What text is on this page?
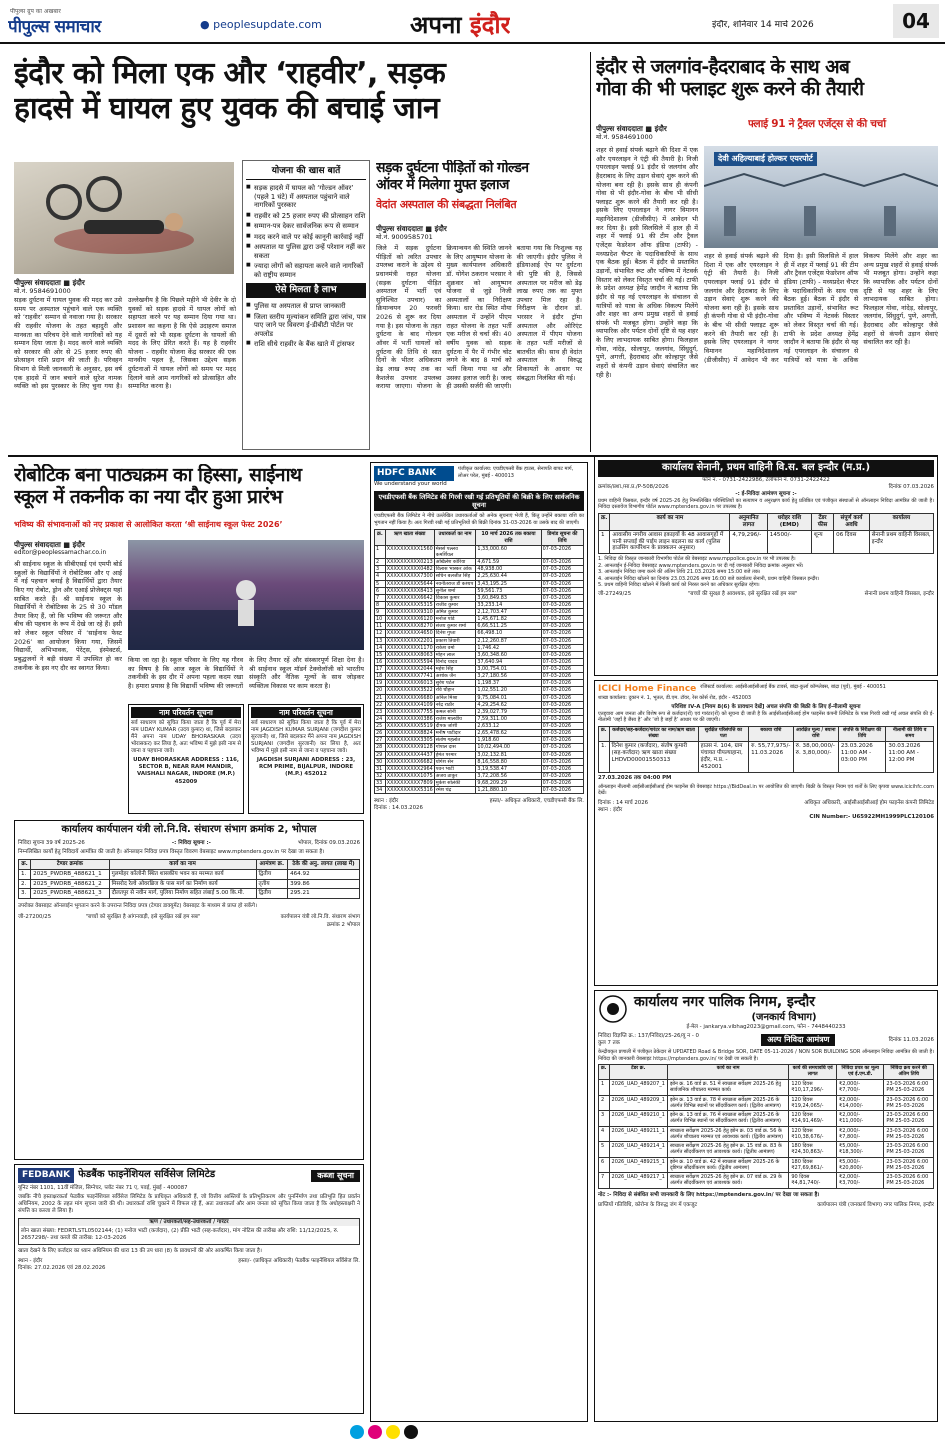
पीपुल्स ग्रुप का अखबार
पीपुल्स समाचार	● peoplesupdate.com	अपना इंदौर	इंदौर, शनिवार 14 मार्च 2026	04
इंदौर को मिला एक और ‘राहवीर’, सड़क
हादसे में घायल हुए युवक की बचाई जान
पीपुल्स संवाददाता ■ इंदौर
मो.नं. 9584691000
योजना की खास बातें
■ सड़क हादसे में घायल को ‘गोल्डन ऑवर’ (पहले 1 घंटे) में अस्पताल पहुंचाने वाले नागरिकों पुरस्कार
■ राहवीर को 25 हजार रुपए की प्रोत्साहन राशि
■ सम्मान-पत्र देकर सार्वजनिक रूप से सम्मान
■ मदद करने वाले पर कोई कानूनी कार्रवाई नहीं
■ अस्पताल या पुलिस द्वारा उन्हें परेशान नहीं कर सकता
■ ज्यादा लोगों को सहायता करने वाले नागरिकों को राष्ट्रीय सम्मान
ऐसे मिलता है लाभ
■ पुलिस या अस्पताल से प्राप्त जानकारी
■ जिला स्तरीय मूल्यांकन समिति द्वारा जांच, पात्र पाए जाने पर विवरण ई-डीबीटी पोर्टल पर अपलोड
■ राशि सीधे राहवीर के बैंक खाते में ट्रांसफर
सड़क दुर्घटना में घायल युवक की मदद कर उसे समय पर अस्पताल पहुंचाने वाले एक व्यक्ति को ‘राहवीर’ सम्मान से नवाजा गया है। सरकार की राहवीर योजना के तहत बहादुरी और मानवता का परिचय देने वाले नागरिकों को यह सम्मान दिया जाता है। मदद करने वाले व्यक्ति को सरकार की ओर से 25 हजार रुपए की प्रोत्साहन राशि प्रदान की जाती है। परिवहन विभाग से मिली जानकारी के अनुसार, इस वर्ष एक हादसे में जान बचाने वाले सुरेश नामक व्यक्ति को इस पुरस्कार के लिए चुना गया है। उल्लेखनीय है कि पिछले महीने भी देवीर के दो युवकों को सड़क हादसे में घायल लोगों को सहायता करने पर यह सम्मान दिया गया था। प्रशासन का कहना है कि ऐसे उदाहरण समाज में दूसरों को भी सड़क दुर्घटना के घायलों की मदद के लिए प्रेरित करते हैं। यह है राहवीर योजना - राहवीर योजना केंद्र सरकार की एक मानवीय पहल है, जिसका उद्देश्य सड़क दुर्घटनाओं में घायल लोगों को समय पर मदद दिलाने वाले आम नागरिकों को प्रोत्साहित और सम्मानित करना है।
सड़क दुर्घटना पीड़ितों को गोल्डन
ऑवर में मिलेगा मुफ्त इलाज
वेदांत अस्पताल की संबद्धता निलंबित
पीपुल्स संवाददाता ■ इंदौर
मो.नं. 9009585701
जिले में सड़क दुर्घटना पीड़ितों को त्वरित उपचार उपलब्ध कराने के उद्देश्य से प्रधानमंत्री राहत योजना (सड़क दुर्घटना पीड़ित अस्पताल में भर्ती एवं सुनिश्चित उपचार) का क्रियान्वयन 20 फरवरी 2026 से शुरू कर दिया गया है। इस योजना के तहत दुर्घटना के बाद गोल्डन ऑवर में भर्ती घायलों को दुर्घटना की तिथि से सात दिनों के भीतर अधिकतम डेढ़ लाख रुपए तक का कैशलेस उपचार उपलब्ध कराया जाएगा। योजना के क्रियान्वयन की स्थिति जानने के लिए आयुष्मान योजना के मुख्य कार्यपालन अधिकारी डॉ. योगेश ठकरान भरसार ने शुक्रवार को आयुष्मान योजना से जुड़े निजी अस्पतालों का निरीक्षण किया। धार रोड स्थित मौया अस्पताल में उन्होंने पीएम राहत योजना के तहत भर्ती एक मरीज से चर्चा की। 40 वर्षीय युवक को सड़क दुर्घटना में पैर में गंभीर चोट लगने के बाद 8 मार्च को भर्ती किया गया था और उसका इलाज जारी है। जल्द ही उसकी सर्जरी की जाएगी। बताया गया कि निःशुल्क यह की जाएगी। इंदौर पुलिस ने इंडियाआई ऐप पर दुर्घटना की पुष्टि की है, जिससे अस्पताल पर मरीज को डेढ़ लाख रुपए तक का मुफ्त उपचार मिल रहा है। निरीक्षण के दौरान डॉ. भरसार ने इंदौर ट्रॉमा अस्पताल और ओरिएंट अस्पताल में पीएम योजना के तहत भर्ती मरीजों से बातचीत की। साथ ही वेदांत अस्पताल के विरुद्ध शिकायतों के आधार पर संबद्धता निलंबित की गई।
इंदौर से जलगांव-हैदराबाद के साथ अब
गोवा की भी फ्लाइट शुरू करने की तैयारी
पीपुल्स संवाददाता ■ इंदौर
मो.नं. 9584691000
फ्लाई 91 ने ट्रैवल एजेंट्स से की चर्चा
देवी अहिल्याबाई होल्कर एयरपोर्ट
शहर से हवाई संपर्क बढ़ाने की दिशा में एक और एयरलाइन ने एंट्री की तैयारी है। निजी एयरलाइन फ्लाई 91 इंदौर से जलगांव और हैदराबाद के लिए उड़ान सेवाएं शुरू करने की योजना बना रही है। इसके साथ ही कंपनी गोवा से भी इंदौर-गोवा के बीच भी सीधी फ्लाइट शुरू करने की तैयारी कर रही है। इसके लिए एयरलाइन ने नागर विमानन महानिदेशालय (डीजीसीए) में आवेदन भी कर दिया है। इसी सिलसिले में हाल ही में शहर में फ्लाई 91 की टीम और ट्रैवल एजेंट्स फेडरेशन ऑफ इंडिया (टाफी) - मध्यप्रदेश चैप्टर के पदाधिकारियों के साथ एक बैठक हुई। बैठक में इंदौर से प्रस्तावित उड़ानों, संभावित रूट और भविष्य में नेटवर्क विस्तार को लेकर विस्तृत चर्चा की गई। टाफी के प्रदेश अध्यक्ष हेमेंद्र जादौन ने बताया कि इंदौर से यह नई एयरलाइन के संचालन से यात्रियों को यात्रा के अधिक विकल्प मिलेंगे और शहर का अन्य प्रमुख शहरों से हवाई संपर्क भी मजबूत होगा। उन्होंने कहा कि व्यापारिक और पर्यटन दोनों दृष्टि से यह शहर के लिए लाभदायक साबित होगा। फिलहाल गोवा, नांदेड़, सोलापुर, जलगांव, सिंधुदुर्ग, पुणे, अगत्ती, हैदराबाद और कोल्हापुर जैसे शहरों से कंपनी उड़ान सेवाएं संचालित कर रही है।
शहर से हवाई संपर्क बढ़ाने की दिशा में एक और एयरलाइन ने एंट्री की तैयारी है। निजी एयरलाइन फ्लाई 91 इंदौर से जलगांव और हैदराबाद के लिए उड़ान सेवाएं शुरू करने की योजना बना रही है। इसके साथ ही कंपनी गोवा से भी इंदौर-गोवा के बीच भी सीधी फ्लाइट शुरू करने की तैयारी कर रही है। इसके लिए एयरलाइन ने नागर विमानन महानिदेशालय (डीजीसीए) में आवेदन भी कर दिया है। इसी सिलसिले में हाल ही में शहर में फ्लाई 91 की टीम और ट्रैवल एजेंट्स फेडरेशन ऑफ इंडिया (टाफी) - मध्यप्रदेश चैप्टर के पदाधिकारियों के साथ एक बैठक हुई। बैठक में इंदौर से प्रस्तावित उड़ानों, संभावित रूट और भविष्य में नेटवर्क विस्तार को लेकर विस्तृत चर्चा की गई। टाफी के प्रदेश अध्यक्ष हेमेंद्र जादौन ने बताया कि इंदौर से यह नई एयरलाइन के संचालन से यात्रियों को यात्रा के अधिक विकल्प मिलेंगे और शहर का अन्य प्रमुख शहरों से हवाई संपर्क भी मजबूत होगा। उन्होंने कहा कि व्यापारिक और पर्यटन दोनों दृष्टि से यह शहर के लिए लाभदायक साबित होगा। फिलहाल गोवा, नांदेड़, सोलापुर, जलगांव, सिंधुदुर्ग, पुणे, अगत्ती, हैदराबाद और कोल्हापुर जैसे शहरों से कंपनी उड़ान सेवाएं संचालित कर रही है।
रोबोटिक बना पाठ्यक्रम का हिस्सा, साईनाथ
स्कूल में तकनीक का नया दौर हुआ प्रारंभ
भविष्य की संभावनाओं को नए प्रकाश से आलोकित करता ‘श्री साईनाथ स्कूल फेस्ट 2026’
पीपुल्स संवाददाता ■ इंदौर
editor@peoplessamachar.co.in
श्री साईनाथ स्कूल के सीबीएसई एवं एमपी बोर्ड स्कूलों के विद्यार्थियों ने रोबोटिक्स और ए आई में नई पहचान बनाई है विद्यार्थियों द्वारा तैयार किए गए रोबोट, ड्रोन और एआई प्रोजेक्ट्स यहां साबित करते हैं। श्री साईनाथ स्कूल के विद्यार्थियों ने रोबोटिक्स के 25 से 30 मॉडल तैयार किए हैं, जो कि भविष्य की जरूरत और बीच की पहचान के रूप में देखे जा रहे हैं। इसी को लेकर स्कूल परिसर में ‘साईनाथ फेस्ट 2026’ का आयोजन किया गया, जिसमें विद्यार्थी, अभिभावक, पेरेंट्स, इंस्पेक्टर्स, प्रबुद्धजनों ने बड़ी संख्या में उपस्थित हो कर तकनीक के इस नए दौर का स्वागत किया।
किया जा रहा है। स्कूल परिवार के लिए यह गौरव का विषय है कि आज स्कूल के विद्यार्थियों ने तकनीकी के इस दौर में अपना पहला कदम रखा है। हमारा प्रयास है कि विद्यार्थी भविष्य की जरूरतों के लिए तैयार रहें और संस्कारपूर्ण शिक्षा देना है। श्री साईनाथ स्कूल मॉडर्न टेक्नोलॉजी को भारतीय संस्कृति और नैतिक मूल्यों के साथ जोड़कर व्यक्तित्व विकास पर काम करता है।
नाम परिवर्तन सूचना
सर्व साधारण को सूचित किया जाता है कि पूर्व में मेरा नाम UDAY KUMAR (उदय कुमार) था, जिसे बदलकर मैंने अपना नाम UDAY BHORASKAR (उदय भोरासकर) कर लिया है, अतः भविष्य में मुझे इसी नाम से जाना व पहचाना जावे।
UDAY BHORASKAR ADDRESS : 116, SECTOR B, NEAR RAM MANDIR, VAISHALI NAGAR, INDORE (M.P.) 452009
नाम परिवर्तन सूचना
सर्व साधारण को सूचित किया जाता है कि पूर्व में मेरा नाम JAGDISH KUMAR SURJANI (जगदीश कुमार सुरजानी) था, जिसे बदलकर मैंने अपना नाम JAGDISH SURJANI (जगदीश सुरजानी) कर लिया है, अतः भविष्य में मुझे इसी नाम से जाना व पहचाना जावे।
JAGDISH SURJANI ADDRESS : 23, RCM PRIME, BIJALPUR, INDORE (M.P.) 452012
कार्यालय कार्यपालन यंत्री लो.नि.वि. संधारण संभाग क्रमांक 2, भोपाल
निविदा सूचना 39 वर्ष 2025-26	-: निविदा सूचना :-	भोपाल, दिनांक 09.03.2026
निम्नलिखित कार्यों हेतु निविदायें आमंत्रित की जाती है। ऑनलाइन निविदा प्रपत्र विस्तृत विवरण वेबसाइट www.mptenders.gov.in पर देखा जा सकता है।
क्र.	टेण्डर क्रमांक	कार्य का नाम	आमंत्रण क्र.	ठेके की अनु. लागत (लाख में)
1.	2025_PWDRB_488621_1	गुलमोहर कॉलोनी स्थित शासकीय भवन का मरम्मत कार्य	द्वितीय	464.92
2.	2025_PWDRB_488621_2	मिसरोद रेल्वे ओवरब्रिज के पास मार्ग का निर्माण कार्य	तृतीय	399.86
3.	2025_PWDRB_488621_3	दौलतपुर से नवीन मार्ग, पुलिया निर्माण सहित लंबाई 5.00 कि.मी.	द्वितीय	295.21
उपरोक्त वेबसाइट ऑनलाईन भुगतान करने के उपरान्त निविदा प्रपत्र (टेण्डर डाक्यूमेंट) वेबसाइट के माध्यम से प्राप्त हो सकेंगे।
जी-27200/25	"बच्चों को सुरक्षित है आंगनवाड़ी, इसे सुरक्षित रखें हम सब"	कार्यपालन यंत्री लो.नि.वि. संधारण संभाग क्रमांक 2 भोपाल
FEDBANK फेडबैंक फाइनेंशियल सर्विसेज लिमिटेड	कब्जा सूचना
यूनिट नंबर 1101, 11वीं मंजिल, सिग्नेचर, प्लॉट नंबर 71 ए, पवई, मुंबई - 400087
जबकि नीचे हस्ताक्षरकर्ता फेडबैंक फाइनेंशियल सर्विसेज लिमिटेड के प्राधिकृत अधिकारी हैं, जो वित्तीय आस्तियों के प्रतिभूतिकरण और पुनर्निर्माण तथा प्रतिभूति हित प्रवर्तन अधिनियम, 2002 के तहत मांग सूचना जारी की थी। उधारकर्ता राशि चुकाने में विफल रहे हैं, अतः उधारकर्ता और आम जनता को सूचित किया जाता है कि अधोहस्ताक्षरी ने संपत्ति का कब्जा ले लिया है।
ऋण / उधारकर्ता/सह-उधारकर्ता / गारंटर
लोन खाता संख्या: FEDRTLSTL0502144; (1) मनोज भाटी (कर्जदार), (2) प्रीति भाटी (सह-कर्जदार), मांग नोटिस की तारीख और राशि: 11/12/2025, रु. 2657298/- तथा कब्जे की तारीख: 12-03-2026
खाता देखने के लिए कर्जदार का ध्यान अधिनियम की धारा 13 की उप धारा (8) के प्रावधानों की ओर आकर्षित किया जाता है।
स्थान - इंदौर
दिनांक: 27.02.2026 एवं 28.02.2026
हस्ता/- (प्राधिकृत अधिकारी) फेडबैंक फाइनेंशियल सर्विसेज लि.
HDFC BANK
We understand your world
पंजीकृत कार्यालय: एचडीएफसी बैंक हाउस, सेनापति बापट मार्ग, लोअर परेल, मुंबई - 400013
एचडीएफसी बैंक लिमिटेड की गिरवी रखी गई प्रतिभूतियों की बिक्री के लिए सार्वजनिक सूचना
एचडीएफसी बैंक लिमिटेड ने नीचे उल्लेखित उधारकर्ताओं को अनेक सूचनाएं भेजी हैं, किंतु उन्होंने बकाया राशि का भुगतान नहीं किया है। अतः गिरवी रखी गई प्रतिभूतियों की बिक्री दिनांक 31-03-2026 या उसके बाद की जाएगी।
क्र.	ऋण खाता संख्या	उधारकर्ता का नाम	10 मार्च 2026 तक बकाया राशि	डिमांड सूचना की तिथि
1	XXXXXXXXXX1560	मेसर्स पल्लव कमर्शियल	1,33,000.60	07-03-2026
2	XXXXXXXXXX0213	अखिलेश कोरिया	4,671.59	07-03-2026
3	XXXXXXXXXX0482	विलास भास्कर ओक	48,938.00	07-03-2026
4	XXXXXXXXXX7300	सचिन बलजीत सिंह	2,25,630.44	07-03-2026
5	XXXXXXXXXX5644	नवनीतराज डी कश्यप	3,43,195.25	07-03-2026
6	XXXXXXXXXX8413	सुनील शर्मा	59,561.73	07-03-2026
7	XXXXXXXXXX6642	विकास कुमार	3,60,849.83	07-03-2026
8	XXXXXXXXXX5315	राजीव कुमार	33,233.14	07-03-2026
9	XXXXXXXXXX9310	अमित कुमार	2,12,703.47	07-03-2026
10	XXXXXXXXXX6120	मनोज पांडे	1,45,671.82	07-03-2026
11	XXXXXXXXXX8270	संजय कुमार शर्मा	6,66,511.25	07-03-2026
12	XXXXXXXXXX4650	दिनेश गुप्ता	66,498.10	07-03-2026
13	XXXXXXXXXX2201	प्रकाश तिवारी	2,12,260.87	07-03-2026
14	XXXXXXXXXX1170	राकेश वर्मा	1,746.42	07-03-2026
15	XXXXXXXXXX8063	मोहन लाल	3,60,348.60	07-03-2026
16	XXXXXXXXXX5594	विनोद यादव	37,640.94	07-03-2026
17	XXXXXXXXXX2044	महेश सिंह	3,00,754.01	07-03-2026
18	XXXXXXXXXX7741	अशोक जैन	3,27,180.56	07-03-2026
19	XXXXXXXXXX6013	सुरेश पटेल	1,198.37	07-03-2026
20	XXXXXXXXXX3522	रवि चौहान	1,02,551.20	07-03-2026
21	XXXXXXXXXX6680	अनिल मिश्रा	9,75,084.01	07-03-2026
22	XXXXXXXXXX4109	नरेंद्र राठौर	4,29,254.62	07-03-2026
23	XXXXXXXXXX7755	कमल सोनी	2,39,027.79	07-03-2026
24	XXXXXXXXXX0386	राजेश मालवीय	7,59,311.00	07-03-2026
25	XXXXXXXXXX5519	दीपक जोशी	2,633.12	07-03-2026
26	XXXXXXXXXX8824	मनीष पाटीदार	2,65,478.62	07-03-2026
27	XXXXXXXXXX3305	संतोष गहलोत	1,918.60	07-03-2026
28	XXXXXXXXXX9128	गोपाल दास	10,02,494.00	07-03-2026
29	XXXXXXXXXX4437	हेमंत परमार	3,02,132.81	07-03-2026
30	XXXXXXXXXX6682	योगेश सेन	8,16,558.80	07-03-2026
31	XXXXXXXXXX2964	पवन भाटी	3,19,538.47	07-03-2026
32	XXXXXXXXXX1075	अजय ठाकुर	3,72,208.56	07-03-2026
33	XXXXXXXXXX7809	मुकेश सोलंकी	9,68,209.29	07-03-2026
34	XXXXXXXXXX5316	रमेश चंद्र	1,21,880.10	07-03-2026
स्थान : इंदौर
दिनांक : 14.03.2026
हस्ता/- अधिकृत अधिकारी, एचडीएफसी बैंक लि.
कार्यालय सेनानी, प्रथम वाहिनी वि.स. बल इन्दौर (म.प्र.)
फोन न. - 0731-2422986, टेलीफोन न. 0731-2422422
क्रमांक/प्रशा./सा.प्र./P-508/2026	दिनांक 07.03.2026
-: ई-निविदा आमंत्रण सूचना :-
प्रथम वाहिनी विसबल, इन्दौर वर्ष 2025-26 हेतु निम्नलिखित परिस्थितियों का सत्यापन व अनुरक्षण कार्य हेतु प्रतिष्ठित एवं पंजीकृत संस्थाओं से ऑनलाइन निविदा आमंत्रित की जाती है। निविदा दस्तावेज विभागीय पोर्टल www.mptenders.gov.in पर उपलब्ध है।
क्र.	कार्य का नाम	अनुमानित लागत	धरोहर राशि (EMD)	टेंडर फीस	संपूर्ण कार्य अवधि	कार्यालय
1	आवासीय नगरीय आवास इकाइयों के 48 आवासगृहों में पानी सप्लाई की पाईप लाइन बदलना का कार्य (पुलिस हाउसिंग कार्पोरेशन के प्राक्कलन अनुसार)	4,79,296/-	14500/-	शून्य	06 दिवस	सेनानी प्रथम वाहिनी विसबल, इन्दौर
1. निविदा की विस्तृत जानकारी विभागीय पोर्टल की वेबसाइट www.mppolice.gov.in पर भी उपलब्ध है।
2. आनलाईन ई-निविदा वेबसाइट www.mptenders.gov.in पर दी गई जानकारी निविदा क्रमांक अनुसार भरें।
3. आनलाईन निविदा जमा करने की अंतिम तिथि 21.03.2026 समय 15:00 बजे तक।
4. आनलाईन निविदा खोलने का दिनांक 23.03.2026 समय 16:00 बजे कार्यालय सेनानी, प्रथम वाहिनी विसबल इन्दौर।
5. प्रथम वाहिनी निविदा खोलने में किसी कार्य को निरस्त करने का अधिकार सुरक्षित रहेगा।
जी-27249/25	"बच्चों की सुरक्षा है आवश्यक, इसे सुरक्षित रखें हम सब"	सेनानी प्रथम वाहिनी विसबल, इन्दौर
ICICI Home Finance रजिस्टर्ड कार्यालय: आईसीआईसीआई बैंक टावर्स, बांद्रा-कुर्ला कॉम्प्लेक्स, बांद्रा (पूर्व), मुंबई - 400051
शाखा कार्यालय: दुकान नं. 1, भूतल, डी.एम. टॉवर, रेस कोर्स रोड, इंदौर - 452003
परिशिष्ट IV-A [नियम 8(6) के प्रावधान देखें] अचल संपत्ति की बिक्री के लिए ई-नीलामी सूचना
एतद्द्वारा आम जनता और विशेष रूप से कर्जदार(रों) एवं गारंटर(रों) को सूचना दी जाती है कि आईसीआईसीआई होम फाइनेंस कंपनी लिमिटेड के पास गिरवी रखी गई अचल संपत्ति की ई-नीलामी ‘जहाँ है जैसा है’ और ‘जो है जहाँ है’ आधार पर की जाएगी।
क्र.	कर्जदार/सह-कर्जदार/गारंटर का नाम/ऋण खाता संख्या	सुरक्षित परिसंपत्ति का पता	बकाया राशि	आरक्षित मूल्य / बयाना राशि	संपत्ति के निरीक्षण की तिथि	नीलामी की तिथि व समय
1.	दिनेश कुमार (कर्जदार), संतोष कुमारी (सह-कर्जदार) ऋण खाता संख्या LHDVD00001550313	हाउस नं. 104, ग्राम पंचायत पीपल्याहाना, इंदौर, म.प्र. - 452001	रु. 55,77,975/- 11.03.2026	रु. 38,00,000/- रु. 3,80,000/-	23.03.2026 11:00 AM - 03:00 PM	30.03.2026 11:00 AM - 12:00 PM
27.03.2026 तक 04:00 PM
ऑनलाइन नीलामी आईसीआईसीआई होम फाइनेंस की वेबसाइट https://BidDeal.in पर आयोजित की जाएगी। बिक्री के विस्तृत नियम एवं शर्तों के लिए कृपया www.icicihfc.com देखें।
दिनांक : 14 मार्च 2026
स्थान : इंदौर
अधिकृत अधिकारी, आईसीआईसीआई होम फाइनेंस कंपनी लिमिटेड
CIN Number:- U65922MH1999PLC120106
कार्यालय नगर पालिक निगम, इन्दौर
(जनकार्य विभाग)
ई-मेल - jankarya.vibhag2023@gmail.com, फोन - 7448440233
निविदा विज्ञप्ति क्र.: 137/निविदा/25-26/यू न - 0 कुल 7 तक	अल्प निविदा आमंत्रण	दिनांक 11.03.2026
केन्द्रीयकृत प्रणाली में पंजीकृत ठेकेदार से UPDATED Road & Bridge SOR, DATE 05-11-2026 / NON SOR BUILDING SOR ऑनलाइन निविदा आमंत्रित की जाती है। निविदा की जानकारी वेबसाइट https://mptenders.gov.in/ पर देखी जा सकती है।
क्र.	टेंडर क्र.	कार्य का नाम	कार्य की समयावधि एवं लागत	निविदा प्रपत्र का मूल्य एवं ई.एम.डी.	निविदा क्रय करने की अंतिम तिथि
1	2026_UAD_489207_1	झोन क्र. 16 वार्ड क्र. 51 में स्वच्छता सर्वेक्षण 2025-26 हेतु सार्वजनिक शौचालय मरम्मत कार्य।	120 दिवस ₹10,17,296/-	₹2,000/- ₹7,700/-	23-03-2026 6:00 PM 25-03-2026
2	2026_UAD_489209_1	झोन क्र. 13 वार्ड क्र. 78 में स्वच्छता सर्वेक्षण 2025-26 के अंतर्गत विभिन्न स्थानों पर सौंदर्यीकरण कार्य। (द्वितीय आमंत्रण)	120 दिवस ₹19,24,065/-	₹2,000/- ₹14,000/-	23-03-2026 6:00 PM 25-03-2026
3	2026_UAD_489210_1	झोन क्र. 13 वार्ड क्र. 76 में स्वच्छता सर्वेक्षण 2025-26 के अंतर्गत विभिन्न स्थानों पर सौंदर्यीकरण कार्य। (द्वितीय आमंत्रण)	120 दिवस ₹14,91,469/-	₹2,000/- ₹11,000/-	23-03-2026 6:00 PM 25-03-2026
4	2026_UAD_489211_1	स्वच्छता सर्वेक्षण 2025-26 हेतु झोन क्र. 03 वार्ड क्र. 56 के अंतर्गत शौचालय मरम्मत एवं आवश्यक कार्य। (द्वितीय आमंत्रण)	120 दिवस ₹10,38,676/-	₹2,000/- ₹7,800/-	23-03-2026 6:00 PM 25-03-2026
5	2026_UAD_489214_1	स्वच्छता सर्वेक्षण 2025-26 हेतु झोन क्र. 15 वार्ड क्र. 83 के अंतर्गत सौंदर्यीकरण एवं आवश्यक कार्य। (द्वितीय आमंत्रण)	180 दिवस ₹24,30,863/-	₹5,000/- ₹18,300/-	23-03-2026 6:00 PM 25-03-2026
6	2026_UAD_489215_1	झोन क्र. 10 वार्ड क्र. 42 में स्वच्छता सर्वेक्षण 2025-26 के दृष्टिगत सौंदर्यीकरण कार्य। (द्वितीय आमंत्रण)	180 दिवस ₹27,69,861/-	₹5,000/- ₹20,800/-	23-03-2026 6:00 PM 25-03-2026
7	2026_UAD_489217_1	स्वच्छता सर्वेक्षण 2025-26 हेतु झोन क्र. 07 वार्ड क्र. 29 के अंतर्गत सौंदर्यीकरण एवं आवश्यक कार्य।	90 दिवस ₹4,81,740/-	₹2,000/- ₹3,700/-	23-03-2026 6:00 PM 25-03-2026
नोट :- निविदा से संबंधित सभी जानकारी के लिए https://mptenders.gov.in/ पर देखा जा सकता है।
प्राप्तियों गतिविधि, कोरोना के विरुद्ध जंग में एकजुट	कार्यपालन यंत्री (जनकार्य विभाग) नगर पालिक निगम, इन्दौर
